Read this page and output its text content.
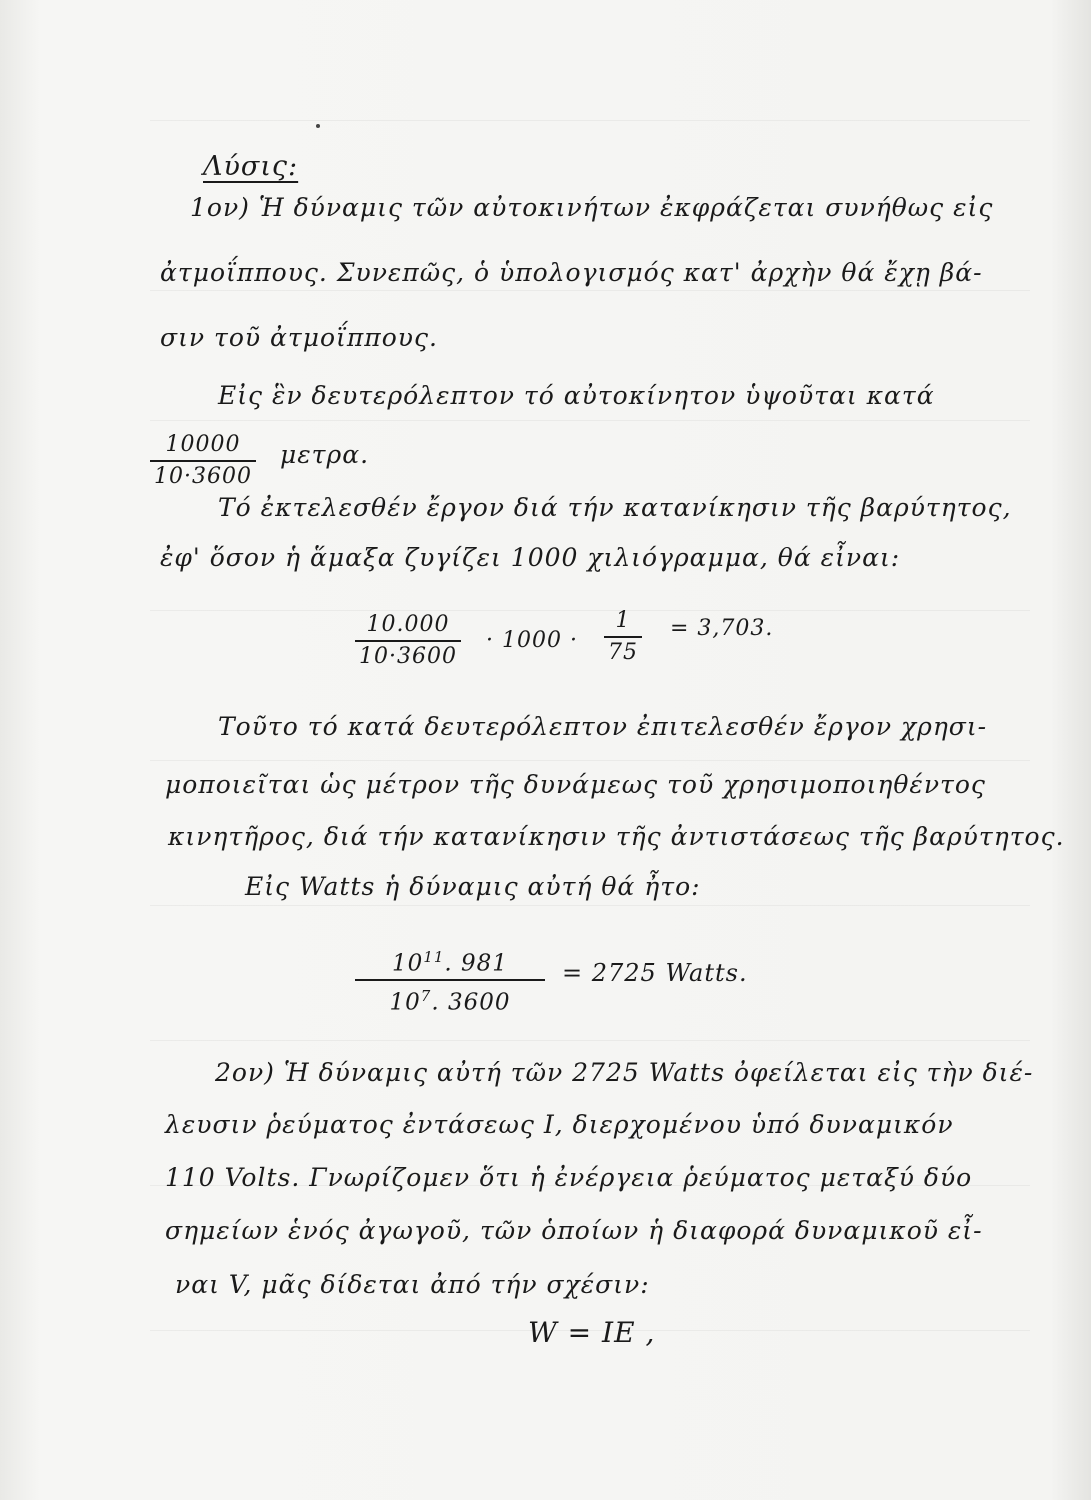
Λύσις:
1ον) Ἡ δύναμις τῶν αὐτοκινήτων ἐκφράζεται συνήθως εἰς
ἀτμοΐππους. Συνεπῶς, ὁ ὑπολογισμός κατ' ἀρχὴν θά ἔχῃ βά-
σιν τοῦ ἀτμοΐππους.
Εἰς ἓν δευτερόλεπτον τό αὐτοκίνητον ὑψοῦται κατά
10000
10·3600
μετρα.
Τό ἐκτελεσθέν ἔργον διά τήν κατανίκησιν τῆς βαρύτητος,
ἐφ' ὅσον ἡ ἅμαξα ζυγίζει 1000 χιλιόγραμμα, θά εἶναι:
10.000
10·3600
· 1000 ·
1
75
= 3,703.
Τοῦτο τό κατά δευτερόλεπτον ἐπιτελεσθέν ἔργον χρησι-
μοποιεῖται ὡς μέτρον τῆς δυνάμεως τοῦ χρησιμοποιηθέντος
κινητῆρος, διά τήν κατανίκησιν τῆς ἀντιστάσεως τῆς βαρύτητος.
Εἰς Watts ἡ δύναμις αὐτή θά ἦτο:
$10^{11}$. 981
$10^7$. 3600
= 2725 Watts.
2ον) Ἡ δύναμις αὐτή τῶν 2725 Watts ὀφείλεται εἰς τὴν διέ-
λευσιν ῥεύματος ἐντάσεως I, διερχομένου ὑπό δυναμικόν
110 Volts. Γνωρίζομεν ὅτι ἡ ἐνέργεια ῥεύματος μεταξύ δύο
σημείων ἑνός ἀγωγοῦ, τῶν ὁποίων ἡ διαφορά δυναμικοῦ εἶ-
ναι V, μᾶς δίδεται ἀπό τήν σχέσιν:
W = IE ,
